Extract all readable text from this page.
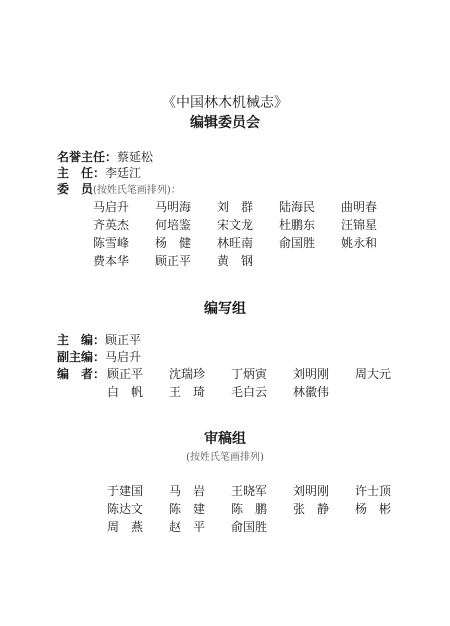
《中国林木机械志》
编辑委员会
名誉主任：蔡延松
主　任：李廷江
委　员(按姓氏笔画排列)：
马启升 马明海 刘　群 陆海民 曲明春
齐英杰 何培鉴 宋文龙 杜鹏东 汪锦星
陈雪峰 杨　健 林旺南 俞国胜 姚永和
费本华 顾正平 黄　钢
编写组
主　编：顾正平
副主编：马启升
编　者： 顾正平 沈瑞珍 丁炳寅 刘明刚 周大元
白　帆 王　琦 毛白云 林徽伟
审稿组
(按姓氏笔画排列)
于建国 马　岩 王晓军 刘明刚 许士顶
陈达文 陈　建 陈　鹏 张　静 杨　彬
周　燕 赵　平 俞国胜
